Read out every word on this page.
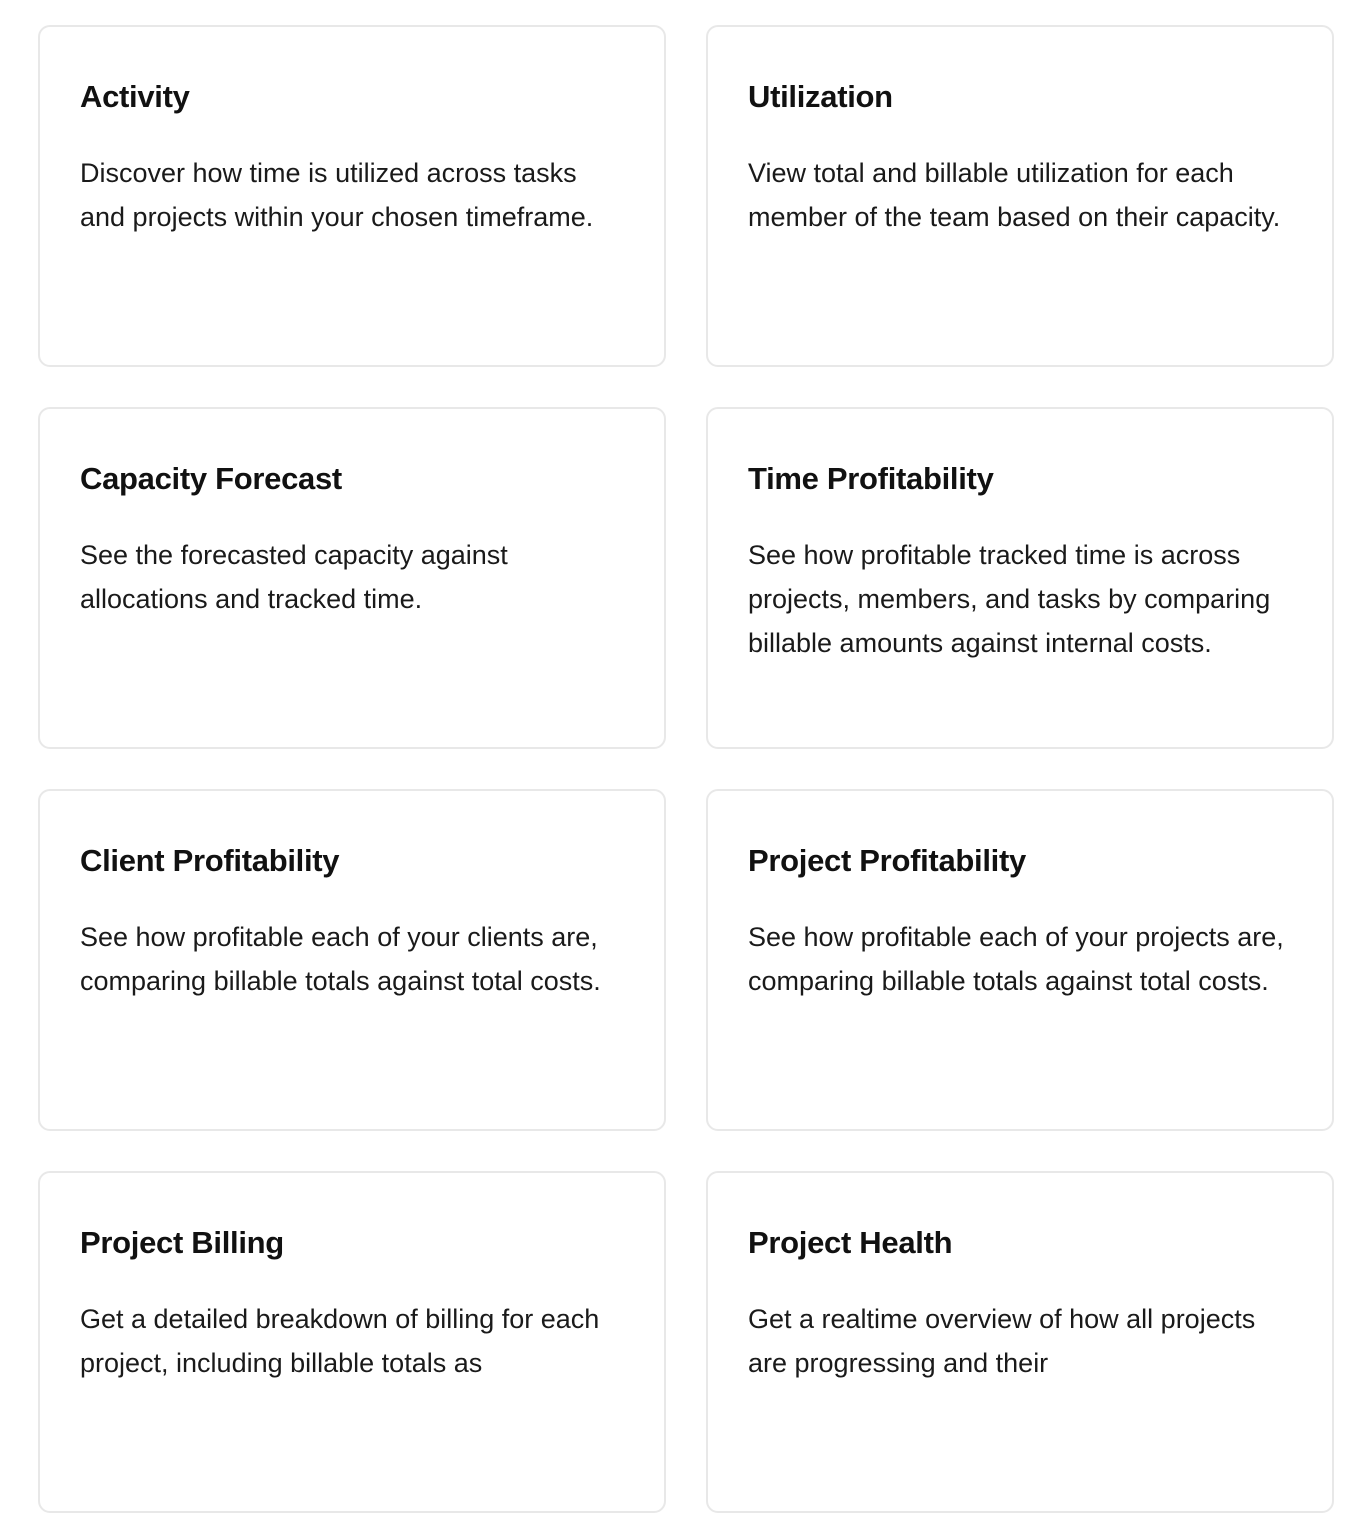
Activity

Discover how time is utilized across tasks and projects within your chosen timeframe.

Utilization

View total and billable utilization for each member of the team based on their capacity.

Capacity Forecast

See the forecasted capacity against allocations and tracked time.

Time Profitability

See how profitable tracked time is across projects, members, and tasks by comparing billable amounts against internal costs.

Client Profitability

See how profitable each of your clients are, comparing billable totals against total costs.

Project Profitability

See how profitable each of your projects are, comparing billable totals against total costs.

Project Billing

Get a detailed breakdown of billing for each project, including billable totals as

Project Health

Get a realtime overview of how all projects are progressing and their
